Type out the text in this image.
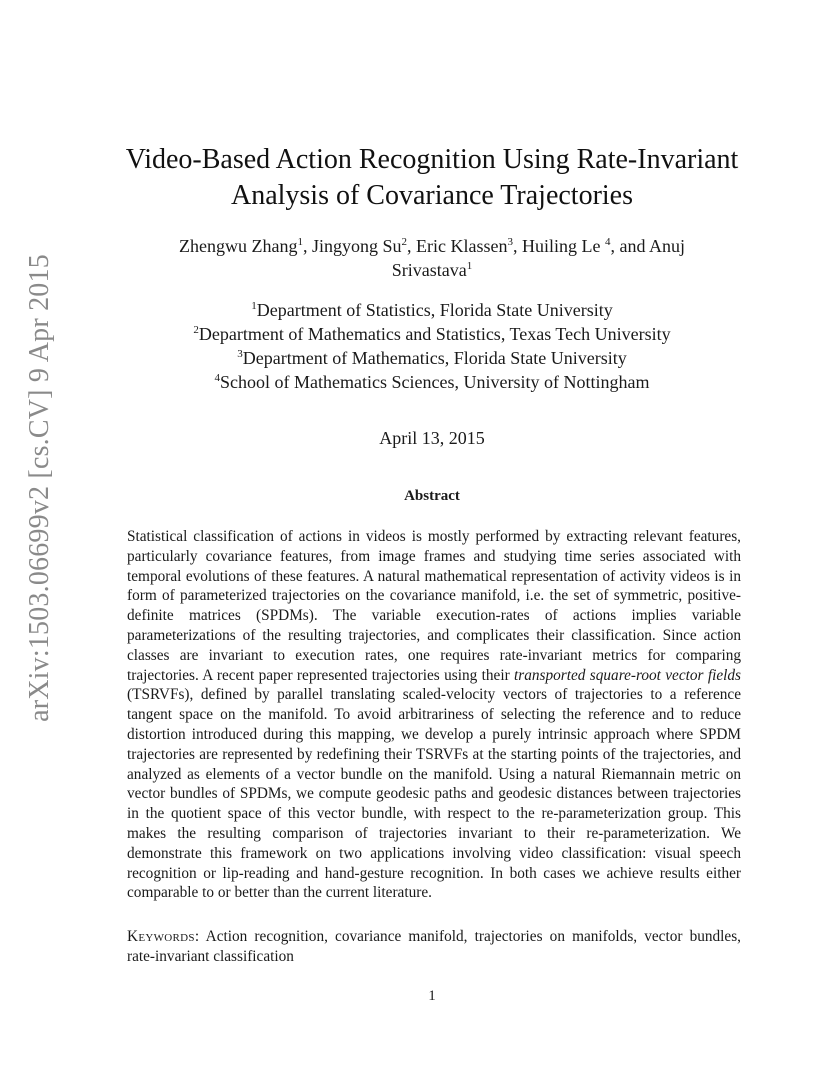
arXiv:1503.06699v2 [cs.CV] 9 Apr 2015
Video-Based Action Recognition Using Rate-Invariant
Analysis of Covariance Trajectories
Zhengwu Zhang$^1$, Jingyong Su$^2$, Eric Klassen$^3$, Huiling Le $^4$, and Anuj
Srivastava$^1$
$^1$Department of Statistics, Florida State University
$^2$Department of Mathematics and Statistics, Texas Tech University
$^3$Department of Mathematics, Florida State University
$^4$School of Mathematics Sciences, University of Nottingham
April 13, 2015
Abstract
Statistical classification of actions in videos is mostly performed by extracting relevant features, particularly covariance features, from image frames and studying time series associated with temporal evolutions of these features. A natural mathematical representation of activity videos is in form of parameterized trajectories on the covariance manifold, i.e. the set of symmetric, positive-definite matrices (SPDMs). The variable execution-rates of actions implies variable parameterizations of the resulting trajectories, and complicates their classification. Since action classes are invariant to execution rates, one requires rate-invariant metrics for comparing trajectories. A recent paper represented trajectories using their transported square-root vector fields (TSRVFs), defined by parallel translating scaled-velocity vectors of trajectories to a reference tangent space on the manifold. To avoid arbitrariness of selecting the reference and to reduce distortion introduced during this mapping, we develop a purely intrinsic approach where SPDM trajectories are represented by redefining their TSRVFs at the starting points of the trajectories, and analyzed as elements of a vector bundle on the manifold. Using a natural Riemannain metric on vector bundles of SPDMs, we compute geodesic paths and geodesic distances between trajectories in the quotient space of this vector bundle, with respect to the re-parameterization group. This makes the resulting comparison of trajectories invariant to their re-parameterization. We demonstrate this framework on two applications involving video classification: visual speech recognition or lip-reading and hand-gesture recognition. In both cases we achieve results either comparable to or better than the current literature.
Keywords: Action recognition, covariance manifold, trajectories on manifolds, vector bundles, rate-invariant classification
1
